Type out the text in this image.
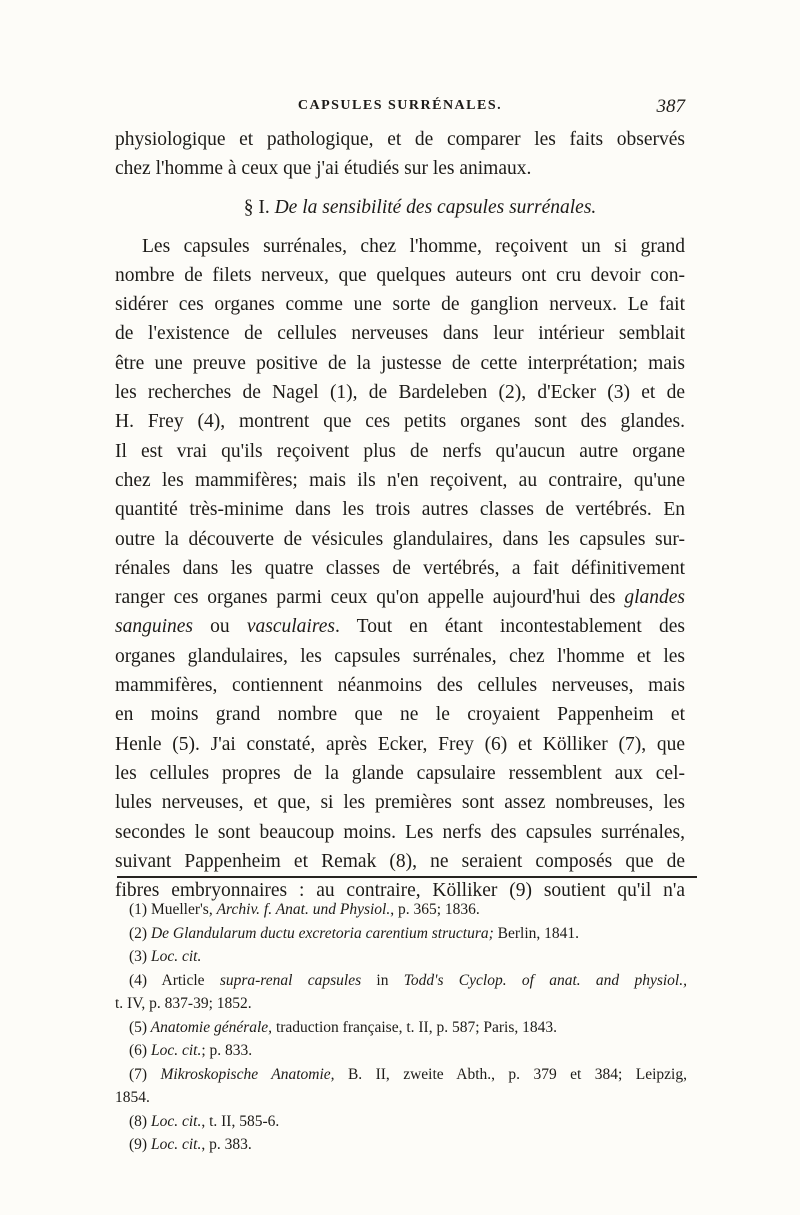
CAPSULES SURRÉNALES.	387
physiologique et pathologique, et de comparer les faits observés
chez l'homme à ceux que j'ai étudiés sur les animaux.
§ I. De la sensibilité des capsules surrénales.
Les capsules surrénales, chez l'homme, reçoivent un si grand
nombre de filets nerveux, que quelques auteurs ont cru devoir con-
sidérer ces organes comme une sorte de ganglion nerveux. Le fait
de l'existence de cellules nerveuses dans leur intérieur semblait
être une preuve positive de la justesse de cette interprétation; mais
les recherches de Nagel (1), de Bardeleben (2), d'Ecker (3) et de
H. Frey (4), montrent que ces petits organes sont des glandes.
Il est vrai qu'ils reçoivent plus de nerfs qu'aucun autre organe
chez les mammifères; mais ils n'en reçoivent, au contraire, qu'une
quantité très-minime dans les trois autres classes de vertébrés. En
outre la découverte de vésicules glandulaires, dans les capsules sur-
rénales dans les quatre classes de vertébrés, a fait définitivement
ranger ces organes parmi ceux qu'on appelle aujourd'hui des glandes
sanguines ou vasculaires. Tout en étant incontestablement des
organes glandulaires, les capsules surrénales, chez l'homme et les
mammifères, contiennent néanmoins des cellules nerveuses, mais
en moins grand nombre que ne le croyaient Pappenheim et
Henle (5). J'ai constaté, après Ecker, Frey (6) et Kölliker (7), que
les cellules propres de la glande capsulaire ressemblent aux cel-
lules nerveuses, et que, si les premières sont assez nombreuses, les
secondes le sont beaucoup moins. Les nerfs des capsules surrénales,
suivant Pappenheim et Remak (8), ne seraient composés que de
fibres embryonnaires : au contraire, Kölliker (9) soutient qu'il n'a
(1) Mueller's, Archiv. f. Anat. und Physiol., p. 365; 1836.
(2) De Glandularum ductu excretoria carentium structura; Berlin, 1841.
(3) Loc. cit.
(4) Article supra-renal capsules in Todd's Cyclop. of anat. and physiol.,
t. IV, p. 837-39; 1852.
(5) Anatomie générale, traduction française, t. II, p. 587; Paris, 1843.
(6) Loc. cit.; p. 833.
(7) Mikroskopische Anatomie, B. II, zweite Abth., p. 379 et 384; Leipzig,
1854.
(8) Loc. cit., t. II, 585-6.
(9) Loc. cit., p. 383.
